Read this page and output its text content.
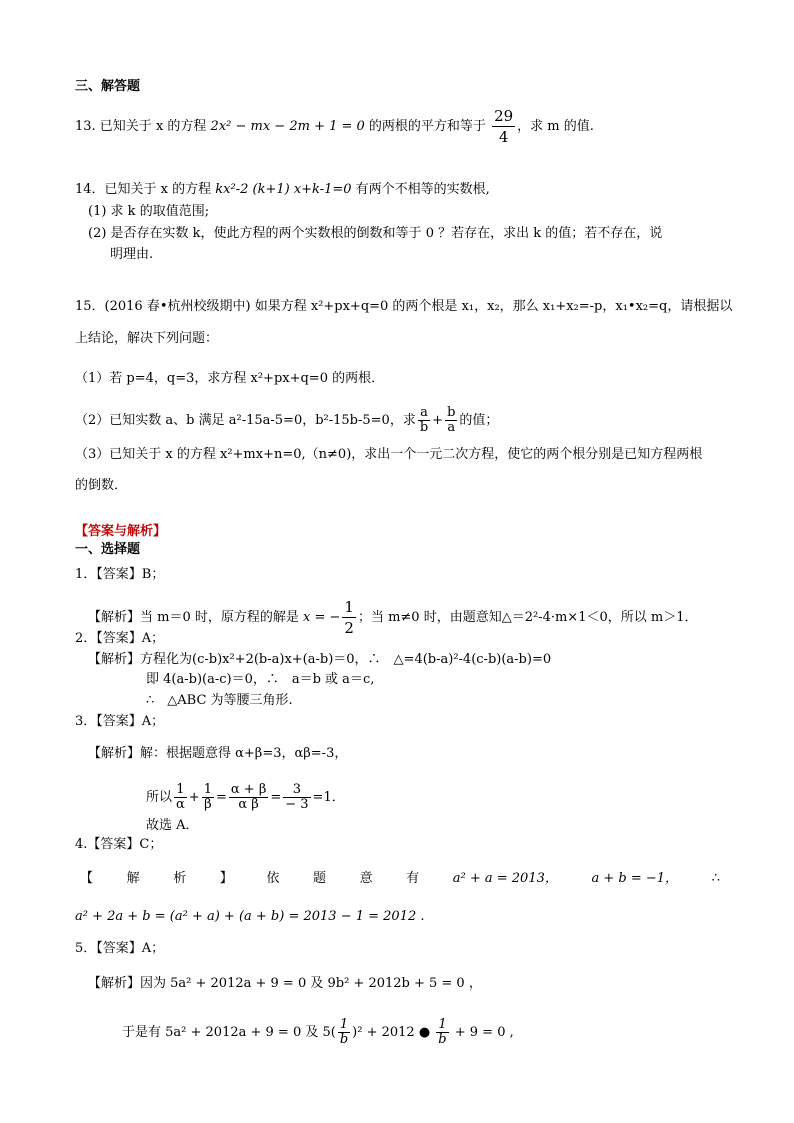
三、解答题
13. 已知关于 x 的方程 2x² − mx − 2m + 1 = 0 的两根的平方和等于 $\frac{29}{4}$ ，求 m 的值.
14．已知关于 x 的方程 kx²-2 (k+1) x+k-1=0 有两个不相等的实数根,
(1) 求 k 的取值范围;
(2) 是否存在实数 k，使此方程的两个实数根的倒数和等于 0 ？若存在，求出 k 的值；若不存在，说
明理由.
15．(2016 春•杭州校级期中) 如果方程 x²+px+q=0 的两个根是 x₁，x₂，那么 x₁+x₂=-p，x₁•x₂=q，请根据以
上结论，解决下列问题：
（1）若 p=4，q=3，求方程 x²+px+q=0 的两根．
（2）已知实数 a、b 满足 a²-15a-5=0，b²-15b-5=0，求 $\frac{a}{b} + \frac{b}{a}$ 的值；
（3）已知关于 x 的方程 x²+mx+n=0,（n≠0)，求出一个一元二次方程，使它的两个根分别是已知方程两根
的倒数．
【答案与解析】
一、选择题
1．【答案】B；
【解析】当 m＝0 时，原方程的解是 x = − $\frac{1}{2}$ ；当 m≠0 时，由题意知△＝2²-4·m×1＜0，所以 m＞1．
2．【答案】A；
【解析】方程化为(c-b)x²+2(b-a)x+(a-b)＝0，∴　△=4(b-a)²-4(c-b)(a-b)=0
即 4(a-b)(a-c)＝0，∴　a＝b 或 a＝c,
∴　△ABC 为等腰三角形.
3．【答案】A；
【解析】解：根据题意得 α+β=3，αβ=-3，
所以 $\frac{1}{\alpha} + \frac{1}{\beta} = \frac{\alpha + \beta}{\text{α β}} = \frac{3}{- 3} =1$．
故选 A．
4.【答案】C；
【	解	析	】	依	题	意	有	a² + a = 2013，	a + b = −1，	∴
a² + 2a + b = (a² + a) + (a + b) = 2013 − 1 = 2012 .
5．【答案】A；
【解析】因为 5a² + 2012a + 9 = 0 及 9b² + 2012b + 5 = 0 ，
于是有 5a² + 2012a + 9 = 0 及 $5( \frac{1}{b} )^2 + 2012$ ● $\frac{1}{b} + 9 = 0$ ,
